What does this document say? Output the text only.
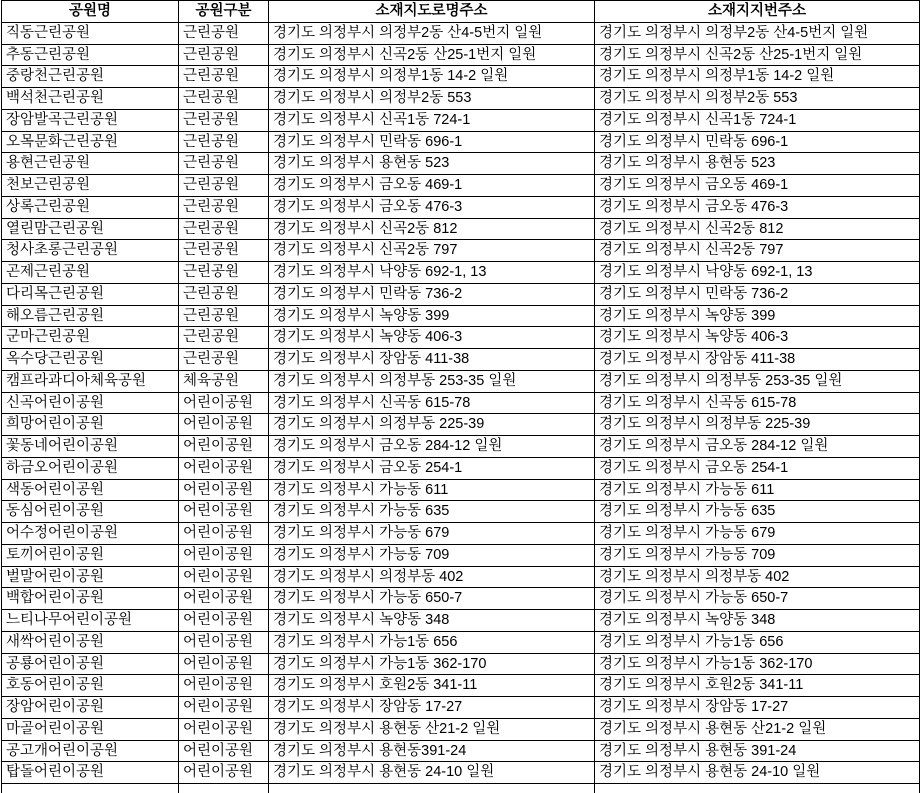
공원명	공원구분	소재지도로명주소	소재지지번주소
직동근린공원	근린공원	경기도 의정부시 의정부2동 산4-5번지 일원	경기도 의정부시 의정부2동 산4-5번지 일원
추동근린공원	근린공원	경기도 의정부시 신곡2동 산25-1번지 일원	경기도 의정부시 신곡2동 산25-1번지 일원
중랑천근린공원	근린공원	경기도 의정부시 의정부1동 14-2 일원	경기도 의정부시 의정부1동 14-2 일원
백석천근린공원	근린공원	경기도 의정부시 의정부2동 553	경기도 의정부시 의정부2동 553
장암발곡근린공원	근린공원	경기도 의정부시 신곡1동 724-1	경기도 의정부시 신곡1동 724-1
오목문화근린공원	근린공원	경기도 의정부시 민락동 696-1	경기도 의정부시 민락동 696-1
용현근린공원	근린공원	경기도 의정부시 용현동 523	경기도 의정부시 용현동 523
천보근린공원	근린공원	경기도 의정부시 금오동 469-1	경기도 의정부시 금오동 469-1
상록근린공원	근린공원	경기도 의정부시 금오동 476-3	경기도 의정부시 금오동 476-3
열린맘근린공원	근린공원	경기도 의정부시 신곡2동 812	경기도 의정부시 신곡2동 812
청사초롱근린공원	근린공원	경기도 의정부시 신곡2동 797	경기도 의정부시 신곡2동 797
곤제근린공원	근린공원	경기도 의정부시 낙양동 692-1, 13	경기도 의정부시 낙양동 692-1, 13
다리목근린공원	근린공원	경기도 의정부시 민락동 736-2	경기도 의정부시 민락동 736-2
해오름근린공원	근린공원	경기도 의정부시 녹양동 399	경기도 의정부시 녹양동 399
군마근린공원	근린공원	경기도 의정부시 녹양동 406-3	경기도 의정부시 녹양동 406-3
옥수당근린공원	근린공원	경기도 의정부시 장암동 411-38	경기도 의정부시 장암동 411-38
캠프라과디아체육공원	체육공원	경기도 의정부시 의정부동 253-35 일원	경기도 의정부시 의정부동 253-35 일원
신곡어린이공원	어린이공원	경기도 의정부시 신곡동 615-78	경기도 의정부시 신곡동 615-78
희망어린이공원	어린이공원	경기도 의정부시 의정부동 225-39	경기도 의정부시 의정부동 225-39
꽃동네어린이공원	어린이공원	경기도 의정부시 금오동 284-12 일원	경기도 의정부시 금오동 284-12 일원
하금오어린이공원	어린이공원	경기도 의정부시 금오동 254-1	경기도 의정부시 금오동 254-1
색동어린이공원	어린이공원	경기도 의정부시 가능동 611	경기도 의정부시 가능동 611
동심어린이공원	어린이공원	경기도 의정부시 가능동 635	경기도 의정부시 가능동 635
어수정어린이공원	어린이공원	경기도 의정부시 가능동 679	경기도 의정부시 가능동 679
토끼어린이공원	어린이공원	경기도 의정부시 가능동 709	경기도 의정부시 가능동 709
벌말어린이공원	어린이공원	경기도 의정부시 의정부동 402	경기도 의정부시 의정부동 402
백합어린이공원	어린이공원	경기도 의정부시 가능동 650-7	경기도 의정부시 가능동 650-7
느티나무어린이공원	어린이공원	경기도 의정부시 녹양동 348	경기도 의정부시 녹양동 348
새싹어린이공원	어린이공원	경기도 의정부시 가능1동 656	경기도 의정부시 가능1동 656
공룡어린이공원	어린이공원	경기도 의정부시 가능1동 362-170	경기도 의정부시 가능1동 362-170
호동어린이공원	어린이공원	경기도 의정부시 호원2동 341-11	경기도 의정부시 호원2동 341-11
장암어린이공원	어린이공원	경기도 의정부시 장암동 17-27	경기도 의정부시 장암동 17-27
마골어린이공원	어린이공원	경기도 의정부시 용현동 산21-2 일원	경기도 의정부시 용현동 산21-2 일원
공고개어린이공원	어린이공원	경기도 의정부시 용현동391-24	경기도 의정부시 용현동 391-24
탑돌어린이공원	어린이공원	경기도 의정부시 용현동 24-10 일원	경기도 의정부시 용현동 24-10 일원
